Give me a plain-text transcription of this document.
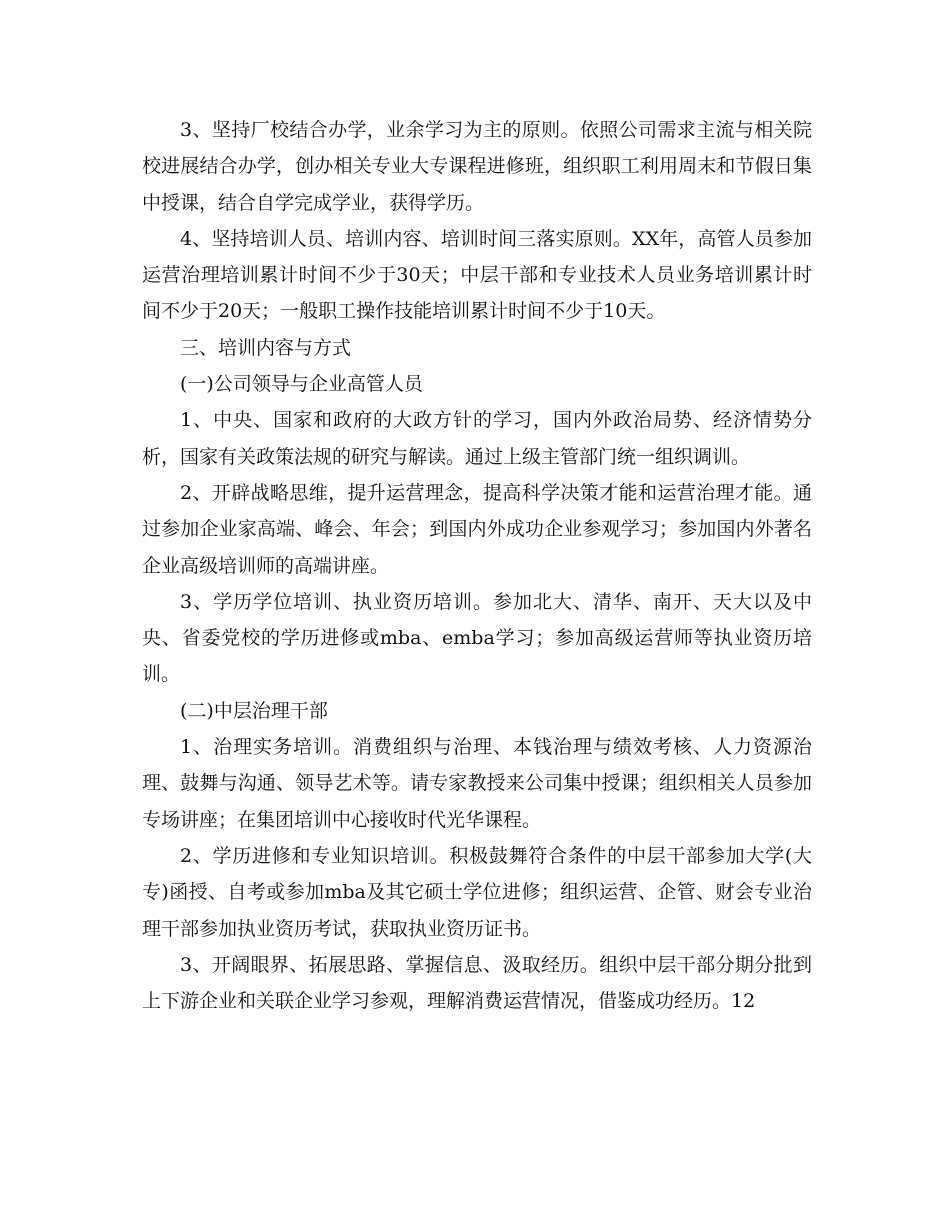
3、坚持厂校结合办学，业余学习为主的原则。依照公司需求主流与相关院校进展结合办学，创办相关专业大专课程进修班，组织职工利用周末和节假日集中授课，结合自学完成学业，获得学历。

4、坚持培训人员、培训内容、培训时间三落实原则。XX年，高管人员参加运营治理培训累计时间不少于30天；中层干部和专业技术人员业务培训累计时间不少于20天；一般职工操作技能培训累计时间不少于10天。

三、培训内容与方式

(一)公司领导与企业高管人员

1、中央、国家和政府的大政方针的学习，国内外政治局势、经济情势分析，国家有关政策法规的研究与解读。通过上级主管部门统一组织调训。

2、开辟战略思维，提升运营理念，提高科学决策才能和运营治理才能。通过参加企业家高端、峰会、年会；到国内外成功企业参观学习；参加国内外著名企业高级培训师的高端讲座。

3、学历学位培训、执业资历培训。参加北大、清华、南开、天大以及中央、省委党校的学历进修或mba、emba学习；参加高级运营师等执业资历培训。

(二)中层治理干部

1、治理实务培训。消费组织与治理、本钱治理与绩效考核、人力资源治理、鼓舞与沟通、领导艺术等。请专家教授来公司集中授课；组织相关人员参加专场讲座；在集团培训中心接收时代光华课程。

2、学历进修和专业知识培训。积极鼓舞符合条件的中层干部参加大学(大专)函授、自考或参加mba及其它硕士学位进修；组织运营、企管、财会专业治理干部参加执业资历考试，获取执业资历证书。

3、开阔眼界、拓展思路、掌握信息、汲取经历。组织中层干部分期分批到上下游企业和关联企业学习参观，理解消费运营情况，借鉴成功经历。12
